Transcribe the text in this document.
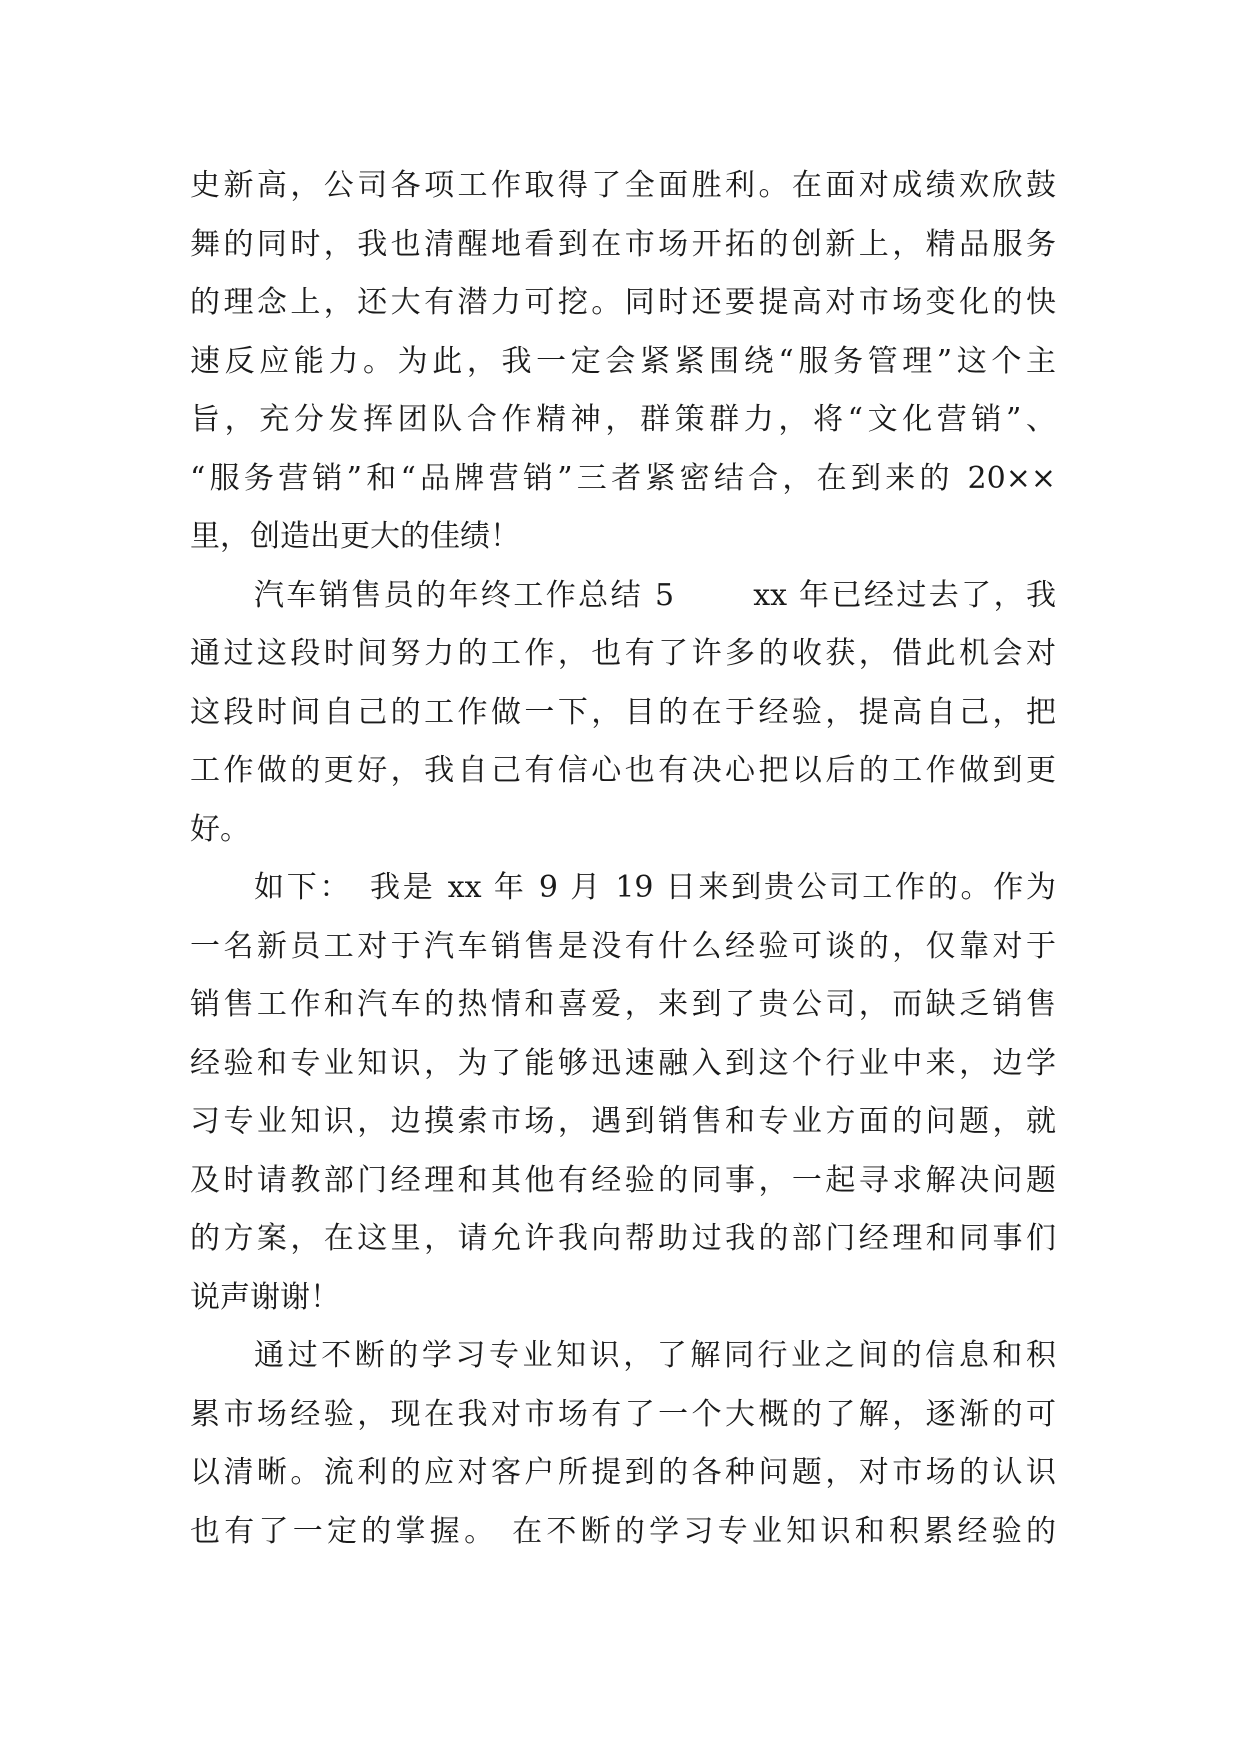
史新高，公司各项工作取得了全面胜利。在面对成绩欢欣鼓
舞的同时，我也清醒地看到在市场开拓的创新上，精品服务
的理念上，还大有潜力可挖。同时还要提高对市场变化的快
速反应能力。为此，我一定会紧紧围绕“服务管理”这个主
旨，充分发挥团队合作精神，群策群力，将“文化营销”、
“服务营销”和“品牌营销”三者紧密结合，在到来的 20××
里，创造出更大的佳绩！
汽车销售员的年终工作总结 5　　 xx 年已经过去了，我
通过这段时间努力的工作，也有了许多的收获，借此机会对
这段时间自己的工作做一下，目的在于经验，提高自己，把
工作做的更好，我自己有信心也有决心把以后的工作做到更
好。
如下：　我是 xx 年 9 月 19 日来到贵公司工作的。作为
一名新员工对于汽车销售是没有什么经验可谈的，仅靠对于
销售工作和汽车的热情和喜爱，来到了贵公司，而缺乏销售
经验和专业知识，为了能够迅速融入到这个行业中来，边学
习专业知识，边摸索市场，遇到销售和专业方面的问题，就
及时请教部门经理和其他有经验的同事，一起寻求解决问题
的方案，在这里，请允许我向帮助过我的部门经理和同事们
说声谢谢！
通过不断的学习专业知识，了解同行业之间的信息和积
累市场经验，现在我对市场有了一个大概的了解，逐渐的可
以清晰。流利的应对客户所提到的各种问题，对市场的认识
也有了一定的掌握。 在不断的学习专业知识和积累经验的
